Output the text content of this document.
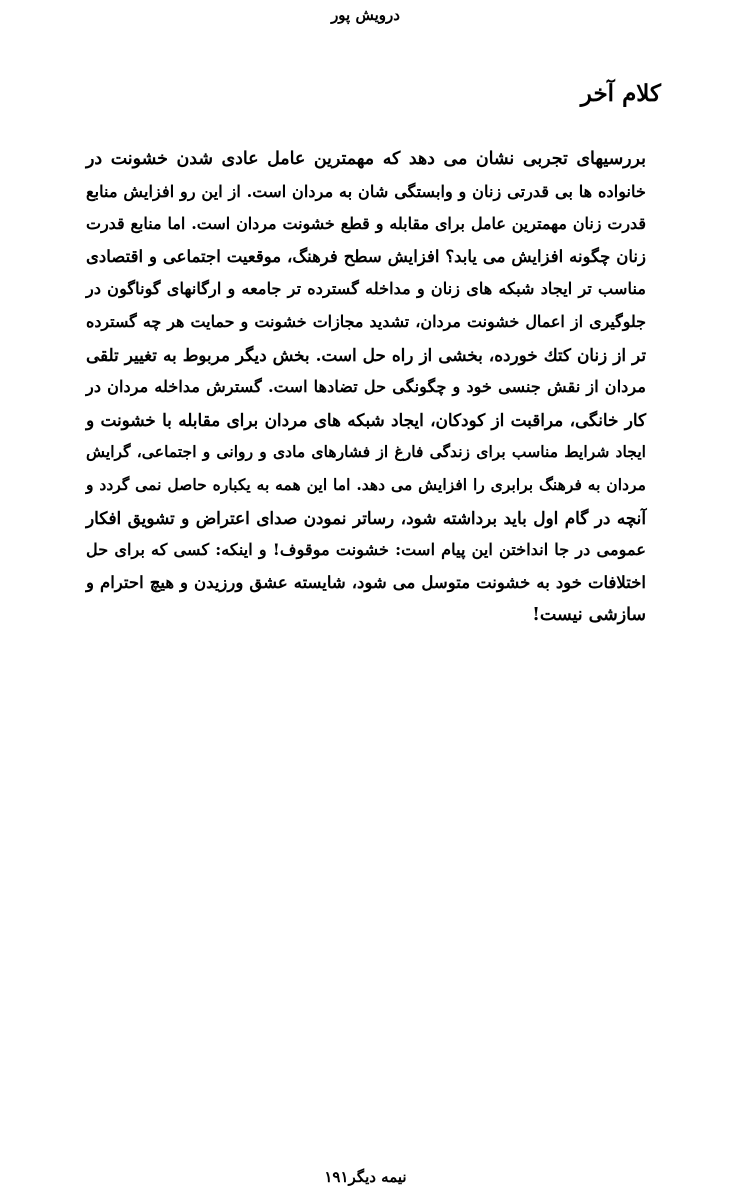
درویش پور
کلام آخر
بررسیهای تجربی نشان می دهد که مهمترین عامل عادی شدن خشونت در
خانواده ها بی قدرتی زنان و وابستگی شان به مردان است. از این رو افزایش منابع
قدرت زنان مهمترین عامل برای مقابله و قطع خشونت مردان است. اما منابع قدرت
زنان چگونه افزایش می یابد؟ افزایش سطح فرهنگ، موقعیت اجتماعی و اقتصادی
مناسب تر ایجاد شبکه های زنان و مداخله گسترده تر جامعه و ارگانهای گوناگون در
جلوگیری از اعمال خشونت مردان، تشدید مجازات خشونت و حمایت هر چه گسترده
تر از زنان کتك خورده، بخشی از راه حل است. بخش دیگر مربوط به تغییر تلقی
مردان از نقش جنسی خود و چگونگی حل تضادها است. گسترش مداخله مردان در
کار خانگی، مراقبت از کودکان، ایجاد شبکه های مردان برای مقابله با خشونت و
ایجاد شرایط مناسب برای زندگی فارغ از فشارهای مادی و روانی و اجتماعی، گرایش
مردان به فرهنگ برابری را افزایش می دهد. اما این همه به یکباره حاصل نمی گردد و
آنچه در گام اول باید برداشته شود، رساتر نمودن صدای اعتراض و تشویق افکار
عمومی در جا انداختن این پیام است: خشونت موقوف! و اینکه: کسی که برای حل
اختلافات خود به خشونت متوسل می شود، شایسته عشق ورزیدن و هیچ احترام و
سازشی نیست!
نیمه دیگر۱۹۱
